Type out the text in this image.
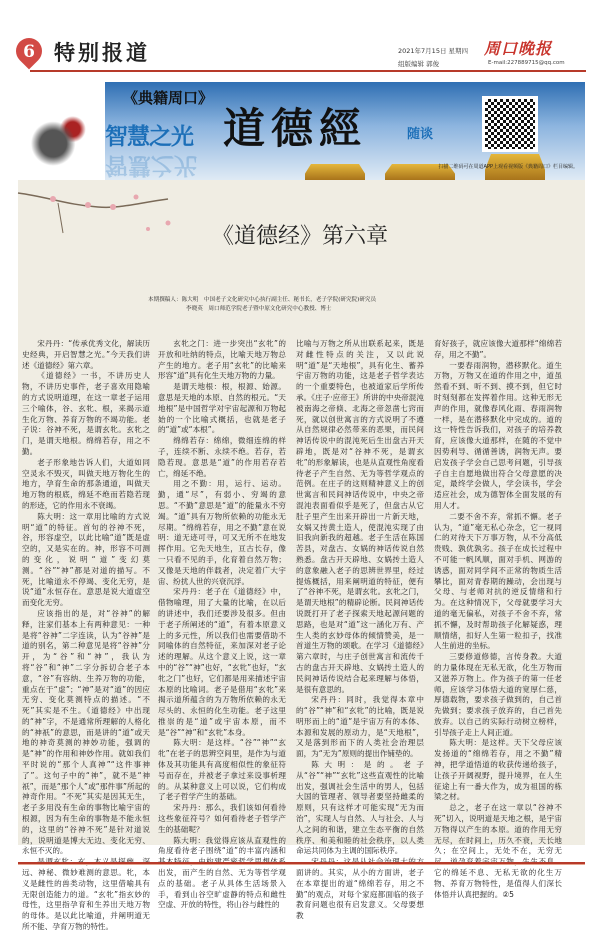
6 特别报道	2021年7月15日 星期四
组版编辑 郭俊
周口晚报
E-mail:227889715@qq.com
《典籍周口》
智慧之光
智慧之光
道德經	随谈
扫描二维码可在周道APP上观看视频版《典籍周口》栏目编辑。
《道德经》第六章
本期撰稿人：陈大明　中国老子文化研究中心执行副主任、秘书长，老子学院(研究院)研究员
李晓英　周口师范学院老子暨中原文化研究中心教授、博士

宋丹丹：“传承优秀文化，解读历史经典，开启智慧之光。”今天我们讲述《道德经》第六章。

《道德经》一书，不讲历史人物，不讲历史事件，老子喜欢用隐喻的方式说明道理，在这一章老子运用三个喻体，谷、玄牝、根，来揭示道生化万物、养育万物的不竭功能。老子说：谷神不死，是谓玄牝。玄牝之门，是谓天地根。绵绵若存，用之不勤。

老子形象地告诉人们，大道如同空灵永不毁灭，叫做天地万物化生的地方，孕育生命的那条通道，叫做天地万物的根底，绵延不绝而若隐若现的形迹，它的作用永不衰竭。

陈大明：这一章用比喻的方式说明“道”的特征。首句的谷神不死，谷，形容虚空，以此比喻“道”既是虚空的，又是实在的。神，形容不可测的变化，说明“道”变幻莫测。“谷”“神”都是对道的描写。不死，比喻道永不停竭、变化无穷，是说“道”永恒存在。意思是说大道虚空而变化无穷。

应该指出的是，对“谷神”的解释，注家们基本上有两种意见：一种是将“谷神”二字连读，认为“谷神”是道的别名，第二种意见是将“谷神”分开，为“谷”和“神”，我认为将“谷”和“神”二字分拆切合老子本意，“谷”有容纳、生养万物的功能，重点在于“虚”；“神”是对“道”的因应无穷、变化莫测特点的描述。“不死”其实是不生。《道德经》中出现的“神”字，不是通常所理解的人格化的“神祇”的意思，而是讲的“道”或天地的神奇莫测的神妙功能，强调的是“神”的作用和神妙作用。就如我们平时说的“那个人真神”“这件事神了”。这句子中的“神”，就不是“神祇”，而是“那个人”或“那件事”所起的神奇作用。“不死”其实是因其无生，老子多用没有生命的事物比喻宇宙的根源，因为有生命的事物是不能永恒的，这里的“谷神不死”是针对道说的，说明道是博大无边、变化无穷、永恒不灭的。

远、神秘、微妙难测的意思。牝，本义是雌性的兽类动物，这里借喻具有无限创造能力的道。“玄牝”指玄妙的母性，这里指孕育和生养出天地万物的母体。是以此比喻道，并阐明道无所不能、孕育万物的特性。

玄牝之门：进一步突出“玄牝”的开放和吐纳的特点，比喻天地万物总产生的地方。老子用“玄牝”的比喻来形容“道”具有化生天地万物的力量。

是谓天地根：根，根源、始源。意思是天地的本原、自然的根元。“天地根”是中国哲学对宇宙起源和万物起始的一个比喻式概括，也就是老子的“道”或“本根”。

绵绵若存：绵绵，微细连绵的样子，连续不断、永续不绝。若存，若隐若现。意思是“道”的作用若存若亡，绵延不绝。

用之不勤：用，运行、运动。勤，通“尽”，有弱小、穷竭的意思。“不勤”意思是“道”的能量永不穷竭。“道”具有万物所依赖的功能永无尽期。“绵绵若存，用之不勤”意在说明：道无迹可寻，可又无所不在地发挥作用。它先天地生，亘古长存，像一只看不见的手，化育着自然万物；又像是天地的伴载者，决定着广大宇宙、纷扰人世的兴衰沉浮。

宋丹丹：老子在《道德经》中，借物喻理，用了大量的比喻，在以后的讲述中，我们还要涉及很多。但由于老子所阐述的“道”，有着本原意义上的多元性，所以我们也需要借助不同喻体的自然特征，来加深对老子论述的理解。从这个意义上说，这一章中的“谷”“神”也好，“玄牝”也好，“玄牝之门”也好，它们都是用来描述宇宙本原的比喻词。老子是借用“玄牝”来揭示道所蕴含的为万物所依赖的永无尽头的、永恒的化生功能。老子这里推崇的是“道”或宇宙本原，而不是“谷”“神”和“玄牝”本身。

陈大明：是这样。“谷”“神”“玄牝”在老子的思辨空间里，是作为与道体及其功能具有高度相似性的象征符号而存在，并被老子拿过来设事析理的。从某种意义上可以说，它们构成了老子哲学产生的基础。

宋丹丹：那么，我们该如何看待这些象征符号？如何看待老子哲学产生的基础呢？

陈大明：我觉得应该从直观性的角度看待老子围绕“道”的丰富内涵和 出发，而产生的自然、无为等哲学观点的基础。老子从具体生活场景入手，看到山谷空旷虚静的特点和雌性空虚、开放的特性，将山谷与雌性的

比喻与万物之所从出联系起来，既是对雌性特点的关注，又以此说明“道”是“天地根”，具有化生、蓄养宇宙万物的功能，这是老子哲学表达的一个重要特色，也被道家后学所传承。《庄子·应帝王》所讲的中央帝混沌被南海之帝倏、北海之帝忽凿七窍而死，就以创世寓言的方式说明了不遵从自然规律必然带来的恶果，而民间神话传说中的混沌死后生出盘古开天辟地，既是对“谷神不死，是谓玄牝”的形象解读，也是从直观性角度看待老子产生自然、无为等哲学观点的范例。在庄子的这则精神意义上的创世寓言和民间神话传说中，中央之帝混沌表面看似乎是死了，但盘古从它肚子里产生出来开辟出一片新天地，女娲又抟黄土造人，使混沌实现了由旧我向新我的超越。老子生活在陈国苦县，对盘古、女娲的神话传说自然熟悉。盘古开天辟地、女娲抟土造人的意象融入老子的思辨世界里，经过提炼概括，用来阐明道的特征，便有了“谷神不死，是谓玄牝。玄牝之门，是谓天地根”的精辟论断。民间神话传说既打开了老子探索天地起源问题的思路，也是对“道”这一涵化万有、产生人类的玄妙母体的倾情赞美，是一首道生万物的颂歌。在学习《道德经》第六章时，与庄子创世寓言和流传千古的盘古开天辟地、女娲抟土造人的民间神话传说结合起来理解与体悟，是很有意思的。

宋丹丹：同时，我觉得本章中的“谷”“神”和“玄牝”的比喻，既是说明形而上的“道”是宇宙万有的本体、本源和发展的原动力，是“天地根”，又是落到形而下的人类社会治理层面，为“无为”原则的提出作铺垫的。

陈大明：是的。老子从“谷”“神”“玄牝”这些直观性的比喻出发，强调社会生活中的男人，包括大国的管理者、领导者要坚持雌柔的原则，只有这样才可能实现“无为而治”，实现人与自然、人与社会、人与人之间的和谐，建立生态平衡的自然秩序、和美和睦的社会秩序，以人类命运共同体为主调的国际秩序。

面讲的。其实，从小的方面讲，老子在本章提出的道“绵绵若存，用之不勤”的观点，对每个家庭都面临的孩子教育问题也很有启发意义。父母要想教

育好孩子，就应该像大道那样“绵绵若存，用之不勤”。

一要春雨润物，潜移默化。道生万物，万物又在道的作用之中，道虽然看不到、听不到、摸不到，但它时时刻刻都在发挥着作用。这种无形无声的作用，就像春风化雨、春雨润物一样，是在潜移默化中完成的。道的这一特性告诉我们，对孩子的培养教育，应该像大道那样，在随的不觉中因势利导、循循善诱，润物无声。要启发孩子学会自己思考问题，引导孩子自主自愿地做出符合父母意愿的决定，最终学会做人，学会读书，学会适应社会，成为德智体全面发展的有用人才。

二要不舍不弃，常抓不懈。老子认为，“道”毫无私心杂念，它一视同仁的对待天下万事万物，从不分高低贵贱、孰优孰劣。孩子在成长过程中不可能一帆风顺，面对手机、网游的诱惑，面对同学间不正常的物质生活攀比，面对青春期的躁动，会出现与父母、与老师对抗的逆反情绪和行为。在这种情况下，父母就要学习大道的毫无偏私，对孩子不舍不弃，常抓不懈，及时帮助孩子化解疑惑，理顺情绪，扣好人生第一粒扣子，找准人生前进的坐标。

三要修道修德，言传身教。大道的力量体现在无私无欲，化生万物而又滋养万物上。作为孩子的第一任老师，应该学习体悟大道的宽厚仁慈，厚德载物，要求孩子做到的，自己首先做到；要求孩子放弃的，自己首先放弃。以自己的实际行动树立榜样，引导孩子走上人间正道。

陈大明：是这样。天下父母应该发扬道的“绵绵若存，用之不勤”精神，把学道悟道的收获传递给孩子，让孩子开阔视野，提升境界，在人生征途上有一番大作为，成为祖国的栋梁之材。

总之，老子在这一章以“谷神不死”切入，说明道是天地之根，是宇宙万物得以产生的本原。道的作用无穷无尽，在时间上，历久不衰，天长地久；在空间上，无处不在，无穷无 它的绵延不息、无私无欲的化生万物、养育万物特性，是值得人们深长体悟并认真把握的。②5
